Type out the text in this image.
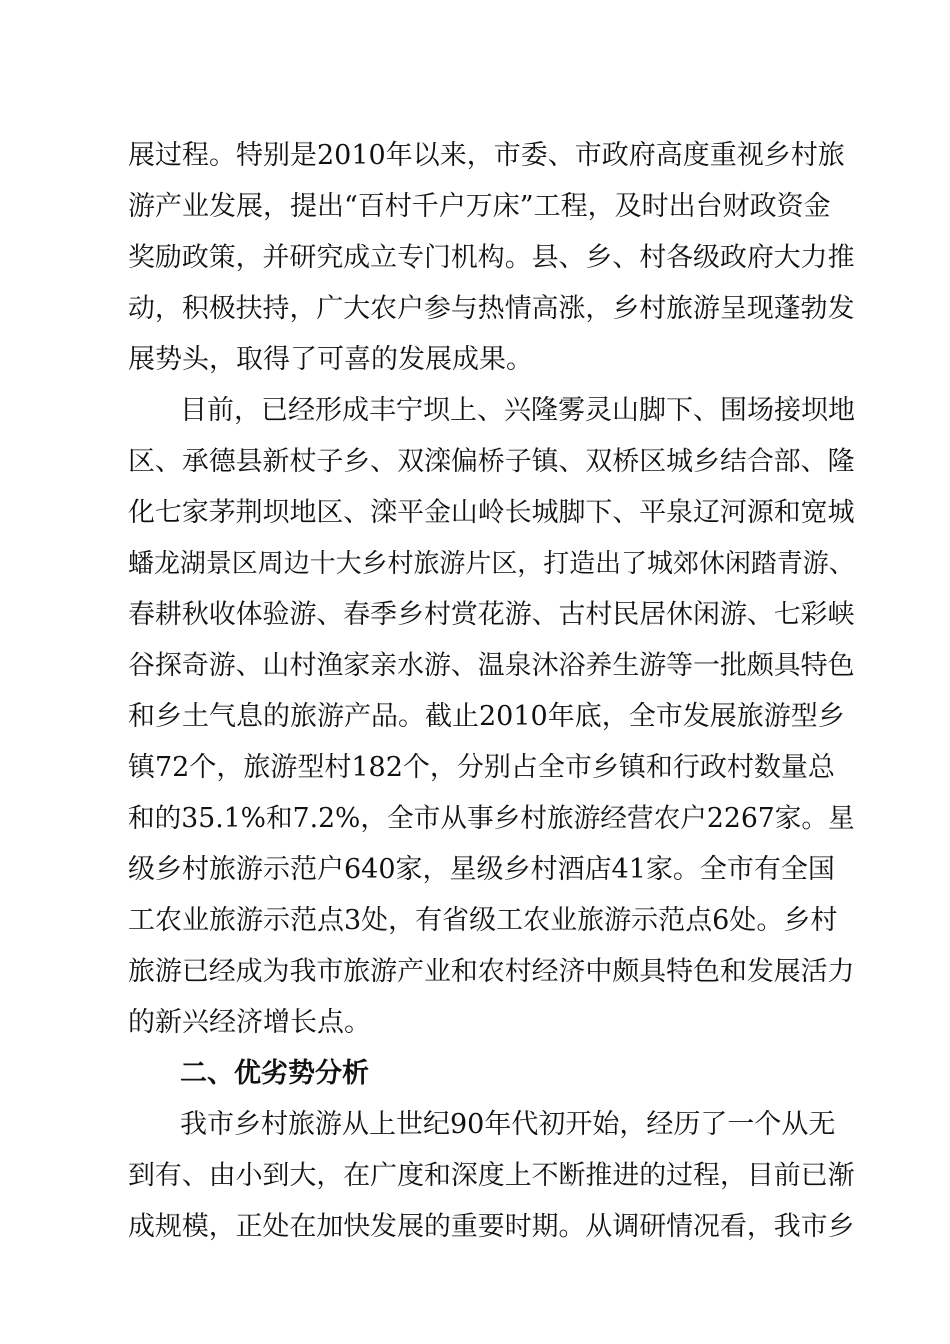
展过程。特别是2010年以来，市委、市政府高度重视乡村旅
游产业发展，提出“百村千户万床”工程，及时出台财政资金
奖励政策，并研究成立专门机构。县、乡、村各级政府大力推
动，积极扶持，广大农户参与热情高涨，乡村旅游呈现蓬勃发
展势头，取得了可喜的发展成果。
目前，已经形成丰宁坝上、兴隆雾灵山脚下、围场接坝地
区、承德县新杖子乡、双滦偏桥子镇、双桥区城乡结合部、隆
化七家茅荆坝地区、滦平金山岭长城脚下、平泉辽河源和宽城
蟠龙湖景区周边十大乡村旅游片区，打造出了城郊休闲踏青游、
春耕秋收体验游、春季乡村赏花游、古村民居休闲游、七彩峡
谷探奇游、山村渔家亲水游、温泉沐浴养生游等一批颇具特色
和乡土气息的旅游产品。截止2010年底，全市发展旅游型乡
镇72个，旅游型村182个，分别占全市乡镇和行政村数量总
和的35.1%和7.2%，全市从事乡村旅游经营农户2267家。星
级乡村旅游示范户640家，星级乡村酒店41家。全市有全国
工农业旅游示范点3处，有省级工农业旅游示范点6处。乡村
旅游已经成为我市旅游产业和农村经济中颇具特色和发展活力
的新兴经济增长点。
二、优劣势分析
我市乡村旅游从上世纪90年代初开始，经历了一个从无
到有、由小到大，在广度和深度上不断推进的过程，目前已渐
成规模，正处在加快发展的重要时期。从调研情况看，我市乡
